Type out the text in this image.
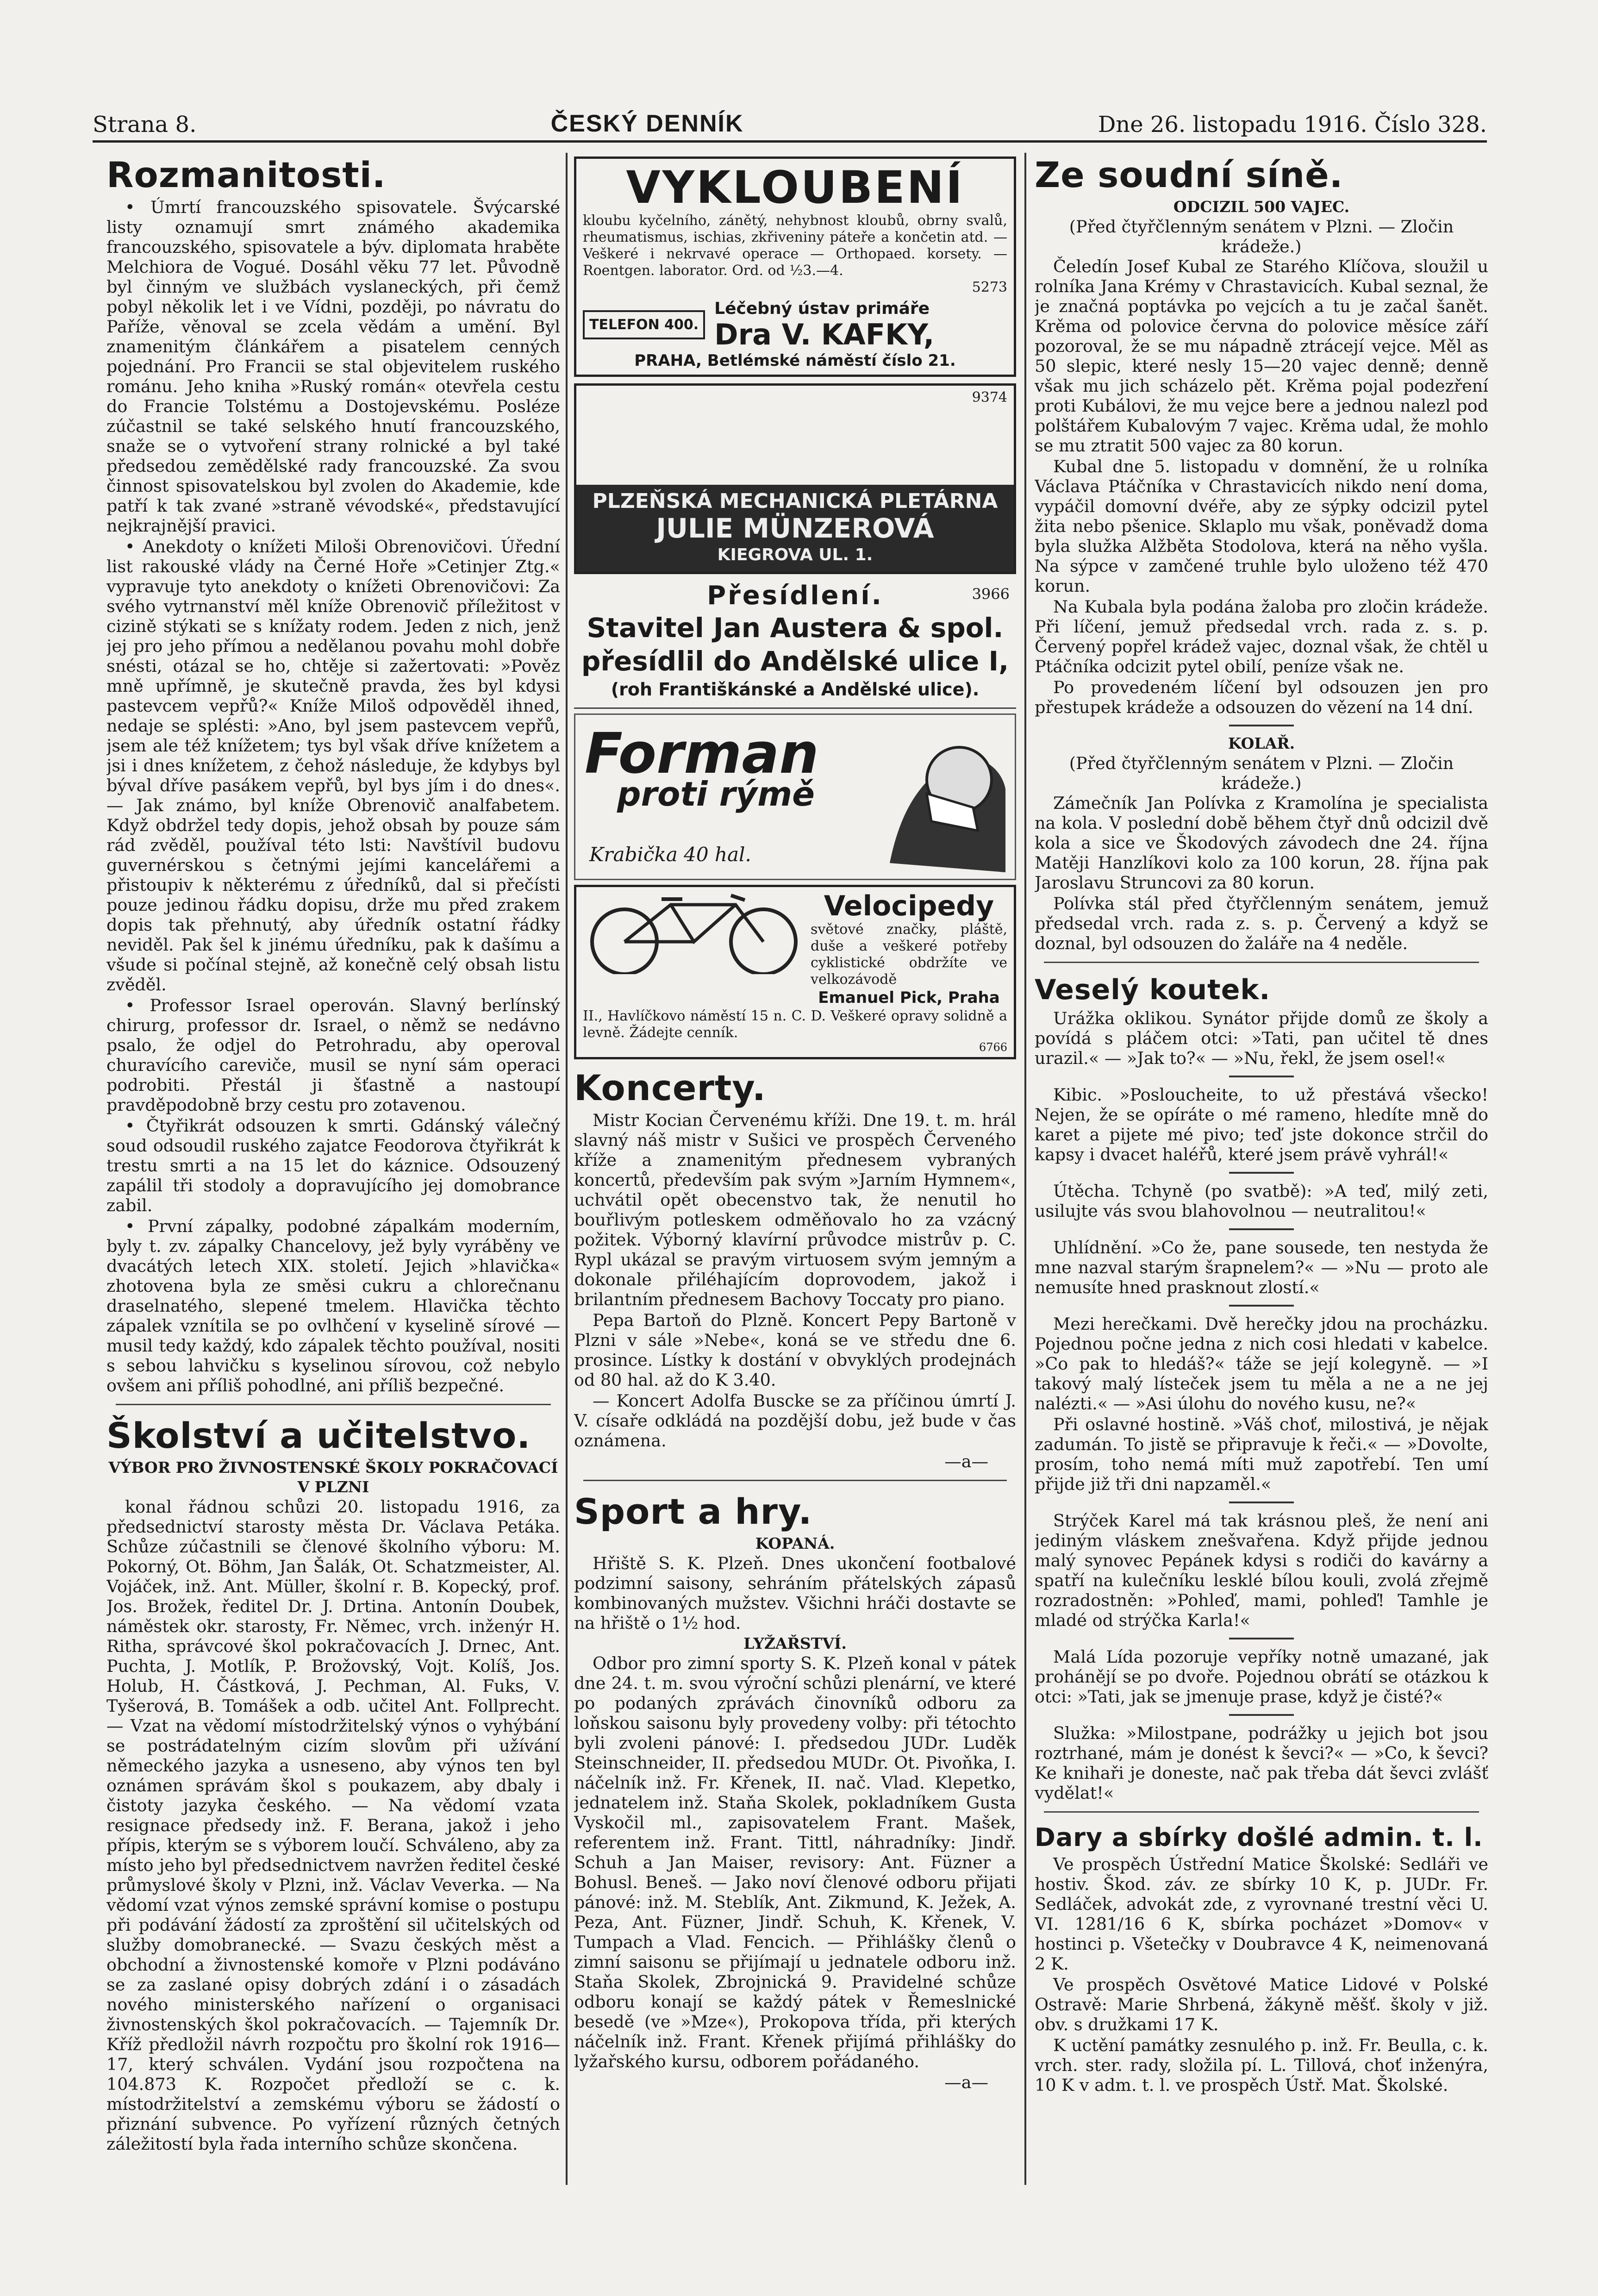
Strana 8.	ČESKÝ DENNÍK	Dne 26. listopadu 1916. Číslo 328.
Rozmanitosti.

• Úmrtí francouzského spisovatele. Švýcarské listy oznamují smrt známého akademika francouzského, spisovatele a býv. diplomata hraběte Melchiora de Vogué. Dosáhl věku 77 let. Původně byl činným ve službách vyslaneckých, při čemž pobyl několik let i ve Vídni, později, po návratu do Paříže, věnoval se zcela vědám a umění. Byl znamenitým článkářem a pisatelem cenných pojednání. Pro Francii se stal objevitelem ruského románu. Jeho kniha »Ruský román« otevřela cestu do Francie Tolstému a Dostojevskému. Posléze zúčastnil se také selského hnutí francouzského, snaže se o vytvoření strany rolnické a byl také předsedou zemědělské rady francouzské. Za svou činnost spisovatelskou byl zvolen do Akademie, kde patří k tak zvané »straně vévodské«, představující nejkrajnější pravici.

• Anekdoty o knížeti Miloši Obrenovičovi. Úřední list rakouské vlády na Černé Hoře »Cetinjer Ztg.« vypravuje tyto anekdoty o knížeti Obrenovičovi: Za svého vytrnanství měl kníže Obrenovič příležitost v cizině stýkati se s knížaty rodem. Jeden z nich, jenž jej pro jeho přímou a nedělanou povahu mohl dobře snésti, otázal se ho, chtěje si zažertovati: »Pověz mně upřímně, je skutečně pravda, žes byl kdysi pastevcem vepřů?« Kníže Miloš odpověděl ihned, nedaje se splésti: »Ano, byl jsem pastevcem vepřů, jsem ale též knížetem; tys byl však dříve knížetem a jsi i dnes knížetem, z čehož následuje, že kdybys byl býval dříve pasákem vepřů, byl bys jím i do dnes«. — Jak známo, byl kníže Obrenovič analfabetem. Když obdržel tedy dopis, jehož obsah by pouze sám rád zvěděl, používal této lsti: Navštívil budovu guvernérskou s četnými jejími kancelářemi a přistoupiv k některému z úředníků, dal si přečísti pouze jedinou řádku dopisu, drže mu před zrakem dopis tak přehnutý, aby úředník ostatní řádky neviděl. Pak šel k jinému úředníku, pak k dašímu a všude si počínal stejně, až konečně celý obsah listu zvěděl.

• Professor Israel operován. Slavný berlínský chirurg, professor dr. Israel, o němž se nedávno psalo, že odjel do Petrohradu, aby operoval churavícího careviče, musil se nyní sám operaci podrobiti. Přestál ji šťastně a nastoupí pravděpodobně brzy cestu pro zotavenou.

• Čtyřikrát odsouzen k smrti. Gdánský válečný soud odsoudil ruského zajatce Feodorova čtyřikrát k trestu smrti a na 15 let do káznice. Odsouzený zapálil tři stodoly a dopravujícího jej domobrance zabil.

• První zápalky, podobné zápalkám moderním, byly t. zv. zápalky Chancelovy, jež byly vyráběny ve dvacátých letech XIX. století. Jejich »hlavička« zhotovena byla ze směsi cukru a chlorečnanu draselnatého, slepené tmelem. Hlavička těchto zápalek vznítila se po ovlhčení v kyselině sírové — musil tedy každý, kdo zápalek těchto používal, nositi s sebou lahvičku s kyselinou sírovou, což nebylo ovšem ani příliš pohodlné, ani příliš bezpečné.

Školství a učitelstvo.
VÝBOR PRO ŽIVNOSTENSKÉ ŠKOLY POKRAČOVACÍ V PLZNI

konal řádnou schůzi 20. listopadu 1916, za předsednictví starosty města Dr. Václava Petáka. Schůze zúčastnili se členové školního výboru: M. Pokorný, Ot. Böhm, Jan Šalák, Ot. Schatzmeister, Al. Vojáček, inž. Ant. Müller, školní r. B. Kopecký, prof. Jos. Brožek, ředitel Dr. J. Drtina. Antonín Doubek, náměstek okr. starosty, Fr. Němec, vrch. inženýr H. Ritha, správcové škol pokračovacích J. Drnec, Ant. Puchta, J. Motlík, P. Brožovský, Vojt. Kolíš, Jos. Holub, H. Částková, J. Pechman, Al. Fuks, V. Tyšerová, B. Tomášek a odb. učitel Ant. Follprecht. — Vzat na vědomí místodržitelský výnos o vyhýbání se postrádatelným cizím slovům při užívání německého jazyka a usneseno, aby výnos ten byl oznámen správám škol s poukazem, aby dbaly i čistoty jazyka českého. — Na vědomí vzata resignace předsedy inž. F. Berana, jakož i jeho přípis, kterým se s výborem loučí. Schváleno, aby za místo jeho byl předsednictvem navržen ředitel české průmyslové školy v Plzni, inž. Václav Veverka. — Na vědomí vzat výnos zemské správní komise o postupu při podávání žádostí za zproštění sil učitelských od služby domobranecké. — Svazu českých měst a obchodní a živnostenské komoře v Plzni podáváno se za zaslané opisy dobrých zdání i o zásadách nového ministerského nařízení o organisaci živnostenských škol pokračovacích. — Tajemník Dr. Kříž předložil návrh rozpočtu pro školní rok 1916—17, který schválen. Vydání jsou rozpočtena na 104.873 K. Rozpočet předloží se c. k. místodržitelství a zemskému výboru se žádostí o přiznání subvence. Po vyřízení různých četných záležitostí byla řada interního schůze skončena.

VYKLOUBENÍ

kloubu kyčelního, zánětý, nehybnost kloubů, obrny svalů, rheumatismus, ischias, zkřiveniny páteře a končetin atd. — Veškeré i nekrvavé operace — Orthopaed. korsety. — Roentgen. laborator. Ord. od ½3.—4.

5273
TELEFON 400.
Léčebný ústav primáře
Dra V. KAFKY,
PRAHA, Betlémské náměstí číslo 21.
9374
PLZEŇSKÁ MECHANICKÁ PLETÁRNA
JULIE MÜNZEROVÁ
KIEGROVA UL. 1.
Přesídlení.	3966
Stavitel Jan Austera & spol.
přesídlil do Andělské ulice I,
(roh Františkánské a Andělské ulice).
Forman
proti rýmě
Krabička 40 hal.
Velocipedy

světové značky, pláště, duše a veškeré potřeby cyklistické obdržíte ve velkozávodě

Emanuel Pick, Praha

II., Havlíčkovo náměstí 15 n. C. D. Veškeré opravy solidně a levně. Žádejte cenník.

6766
Koncerty.

Mistr Kocian Červenému kříži. Dne 19. t. m. hrál slavný náš mistr v Sušici ve prospěch Červeného kříže a znamenitým přednesem vybraných koncertů, především pak svým »Jarním Hymnem«, uchvátil opět obecenstvo tak, že nenutil ho bouřlivým potleskem odměňovalo ho za vzácný požitek. Výborný klavírní průvodce mistrův p. C. Rypl ukázal se pravým virtuosem svým jemným a dokonale přiléhajícím doprovodem, jakož i brilantním přednesem Bachovy Toccaty pro piano.

Pepa Bartoň do Plzně. Koncert Pepy Bartoně v Plzni v sále »Nebe«, koná se ve středu dne 6. prosince. Lístky k dostání v obvyklých prodejnách od 80 hal. až do K 3.40.

— Koncert Adolfa Buscke se za příčinou úmrtí J. V. císaře odkládá na pozdější dobu, jež bude v čas oznámena.

—a—
Sport a hry.
KOPANÁ.

Hřiště S. K. Plzeň. Dnes ukončení footbalové podzimní saisony, sehráním přátelských zápasů kombinovaných mužstev. Všichni hráči dostavte se na hřiště o 1½ hod.

LYŽAŘSTVÍ.

Odbor pro zimní sporty S. K. Plzeň konal v pátek dne 24. t. m. svou výroční schůzi plenární, ve které po podaných zprávách činovníků odboru za loňskou saisonu byly provedeny volby: při tétochto byli zvoleni pánové: I. předsedou JUDr. Luděk Steinschneider, II. předsedou MUDr. Ot. Pivoňka, I. náčelník inž. Fr. Křenek, II. nač. Vlad. Klepetko, jednatelem inž. Staňa Skolek, pokladníkem Gusta Vyskočil ml., zapisovatelem Frant. Mašek, referentem inž. Frant. Tittl, náhradníky: Jindř. Schuh a Jan Maiser, revisory: Ant. Füzner a Bohusl. Beneš. — Jako noví členové odboru přijati pánové: inž. M. Steblík, Ant. Zikmund, K. Ježek, A. Peza, Ant. Füzner, Jindř. Schuh, K. Křenek, V. Tumpach a Vlad. Fencich. — Přihlášky členů o zimní saisonu se přijímají u jednatele odboru inž. Staňa Skolek, Zbrojnická 9. Pravidelné schůze odboru konají se každý pátek v Řemeslnické besedě (ve »Mze«), Prokopova třída, při kterých náčelník inž. Frant. Křenek přijímá přihlášky do lyžařského kursu, odborem pořádaného.

—a—
Ze soudní síně.
ODCIZIL 500 VAJEC.
(Před čtyřčlenným senátem v Plzni. — Zločin krádeže.)

Čeledín Josef Kubal ze Starého Klíčova, sloužil u rolníka Jana Krémy v Chrastavicích. Kubal seznal, že je značná poptávka po vejcích a tu je začal šanět. Krěma od polovice června do polovice měsíce září pozoroval, že se mu nápadně ztrácejí vejce. Měl as 50 slepic, které nesly 15—20 vajec denně; denně však mu jich scházelo pět. Krěma pojal podezření proti Kubálovi, že mu vejce bere a jednou nalezl pod polštářem Kubalovým 7 vajec. Krěma udal, že mohlo se mu ztratit 500 vajec za 80 korun.

Kubal dne 5. listopadu v domnění, že u rolníka Václava Ptáčníka v Chrastavicích nikdo není doma, vypáčil domovní dvéře, aby ze sýpky odcizil pytel žita nebo pšenice. Sklaplo mu však, poněvadž doma byla služka Alžběta Stodolova, která na něho vyšla. Na sýpce v zamčené truhle bylo uloženo též 470 korun.

Na Kubala byla podána žaloba pro zločin krádeže. Při líčení, jemuž předsedal vrch. rada z. s. p. Červený popřel krádež vajec, doznal však, že chtěl u Ptáčníka odcizit pytel obilí, peníze však ne.

Po provedeném líčení byl odsouzen jen pro přestupek krádeže a odsouzen do vězení na 14 dní.

KOLAŘ.
(Před čtyřčlenným senátem v Plzni. — Zločin krádeže.)

Zámečník Jan Polívka z Kramolína je specialista na kola. V poslední době během čtyř dnů odcizil dvě kola a sice ve Škodových závodech dne 24. října Matěji Hanzlíkovi kolo za 100 korun, 28. října pak Jaroslavu Struncovi za 80 korun.

Polívka stál před čtyřčlenným senátem, jemuž předsedal vrch. rada z. s. p. Červený a když se doznal, byl odsouzen do žaláře na 4 neděle.

Veselý koutek.

Urážka oklikou. Synátor přijde domů ze školy a povídá s pláčem otci: »Tati, pan učitel tě dnes urazil.« — »Jak to?« — »Nu, řekl, že jsem osel!«

Kibic. »Posloucheite, to už přestává všecko! Nejen, že se opíráte o mé rameno, hledíte mně do karet a pijete mé pivo; teď jste dokonce strčil do kapsy i dvacet haléřů, které jsem právě vyhrál!«

Útěcha. Tchyně (po svatbě): »A teď, milý zeti, usilujte vás svou blahovolnou — neutralitou!«

Uhlídnění. »Co že, pane sousede, ten nestyda že mne nazval starým šrapnelem?« — »Nu — proto ale nemusíte hned prasknout zlostí.«

Mezi herečkami. Dvě herečky jdou na procházku. Pojednou počne jedna z nich cosi hledati v kabelce. »Co pak to hledáš?« táže se její kolegyně. — »I takový malý lísteček jsem tu měla a ne a ne jej nalézti.« — »Asi úlohu do nového kusu, ne?«

Při oslavné hostině. »Váš choť, milostivá, je nějak zadumán. To jistě se připravuje k řeči.« — »Dovolte, prosím, toho nemá míti muž zapotřebí. Ten umí přijde již tři dni napzaměl.«

Strýček Karel má tak krásnou pleš, že není ani jediným vláskem znešvařena. Když přijde jednou malý synovec Pepánek kdysi s rodiči do kavárny a spatří na kulečníku lesklé bílou kouli, zvolá zřejmě rozradostněn: »Pohleď, mami, pohleď! Tamhle je mladé od strýčka Karla!«

Malá Lída pozoruje vepříky notně umazané, jak prohánějí se po dvoře. Pojednou obrátí se otázkou k otci: »Tati, jak se jmenuje prase, když je čisté?«

Služka: »Milostpane, podrážky u jejich bot jsou roztrhané, mám je donést k ševci?« — »Co, k ševci? Ke knihaři je doneste, nač pak třeba dát ševci zvlášť vydělat!«

Dary a sbírky došlé admin. t. l.

Ve prospěch Ústřední Matice Školské: Sedláři ve hostiv. Škod. záv. ze sbírky 10 K, p. JUDr. Fr. Sedláček, advokát zde, z vyrovnané trestní věci U. VI. 1281/16 6 K, sbírka pocházet »Domov« v hostinci p. Všetečky v Doubravce 4 K, neimenovaná 2 K.

Ve prospěch Osvětové Matice Lidové v Polské Ostravě: Marie Shrbená, žákyně měšť. školy v již. obv. s družkami 17 K.

K uctění památky zesnulého p. inž. Fr. Beulla, c. k. vrch. ster. rady, složila pí. L. Tillová, choť inženýra, 10 K v adm. t. l. ve prospěch Ústř. Mat. Školské.
